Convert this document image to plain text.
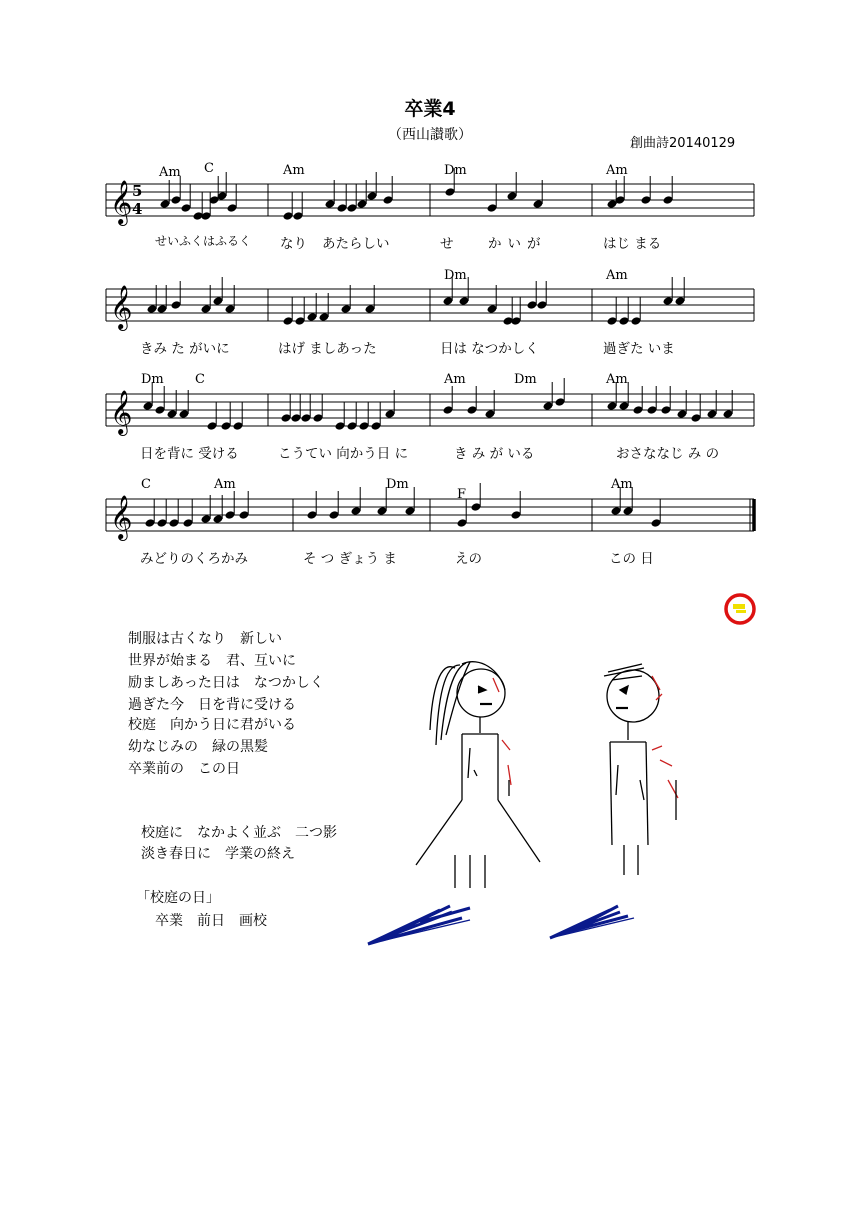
卒業4
（西山讃歌）
創曲詩20140129
𝄞
𝄞
𝄞
𝄞
5
4
Am C	Am	Dm	Am
Dm	Am
Dm C	Am	Dm	Am
C	Am	Dm
F
Am
せいふくはふるく なり あたらしい	せ	かいが	はじ まる
きみ た がいに	はげ ましあった	日は なつかしく	過ぎた いま
日を背に 受ける	こうてい 向かう日 に	き み が いる	おさななじ み の
みどりのくろかみ	そ つ ぎょう ま	えの	この 日
制服は古くなり　新しい
世界が始まる　君、互いに
励ましあった日は　なつかしく
過ぎた今　日を背に受ける
校庭　向かう日に君がいる
幼なじみの　緑の黒髪
卒業前の　この日
校庭に　なかよく並ぶ　二つ影
淡き春日に　学業の終え
「校庭の日」
卒業　前日　画校
